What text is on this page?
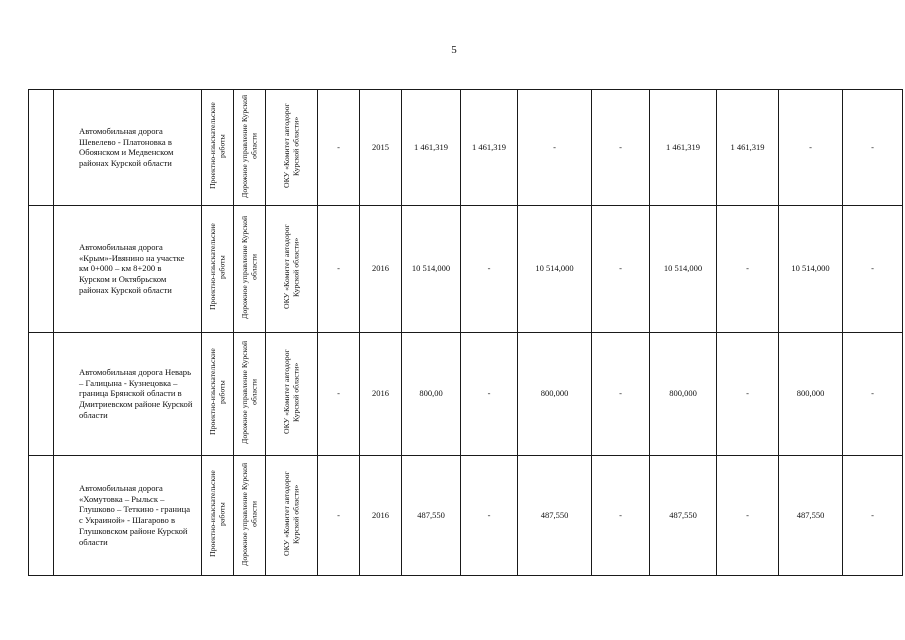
5
	Автомобильная дорога Шевелево - Платоновка в Обоянском и Медвенском районах Курской области	Проектно-изыскательские работы	Дорожное управление Курской области	ОКУ «Комитет автодорог Курской области»	-	2015	1 461,319	1 461,319	-	-	1 461,319	1 461,319	-	-
	Автомобильная дорога «Крым»-Ивянино на участке км 0+000 – км 8+200 в Курском и Октябрьском районах Курской области	Проектно-изыскательские работы	Дорожное управление Курской области	ОКУ «Комитет автодорог Курской области»	-	2016	10 514,000	-	10 514,000	-	10 514,000	-	10 514,000	-
	Автомобильная дорога Неварь – Галицына - Кузнецовка – граница Брянской области в Дмитриевском районе Курской области	Проектно-изыскательские работы	Дорожное управление Курской области	ОКУ «Комитет автодорог Курской области»	-	2016	800,00	-	800,000	-	800,000	-	800,000	-
	Автомобильная дорога «Хомутовка – Рыльск – Глушково – Теткино - граница с Украиной» - Шагарово в Глушковском районе Курской области	Проектно-изыскательские работы	Дорожное управление Курской области	ОКУ «Комитет автодорог Курской области»	-	2016	487,550	-	487,550	-	487,550	-	487,550	-
